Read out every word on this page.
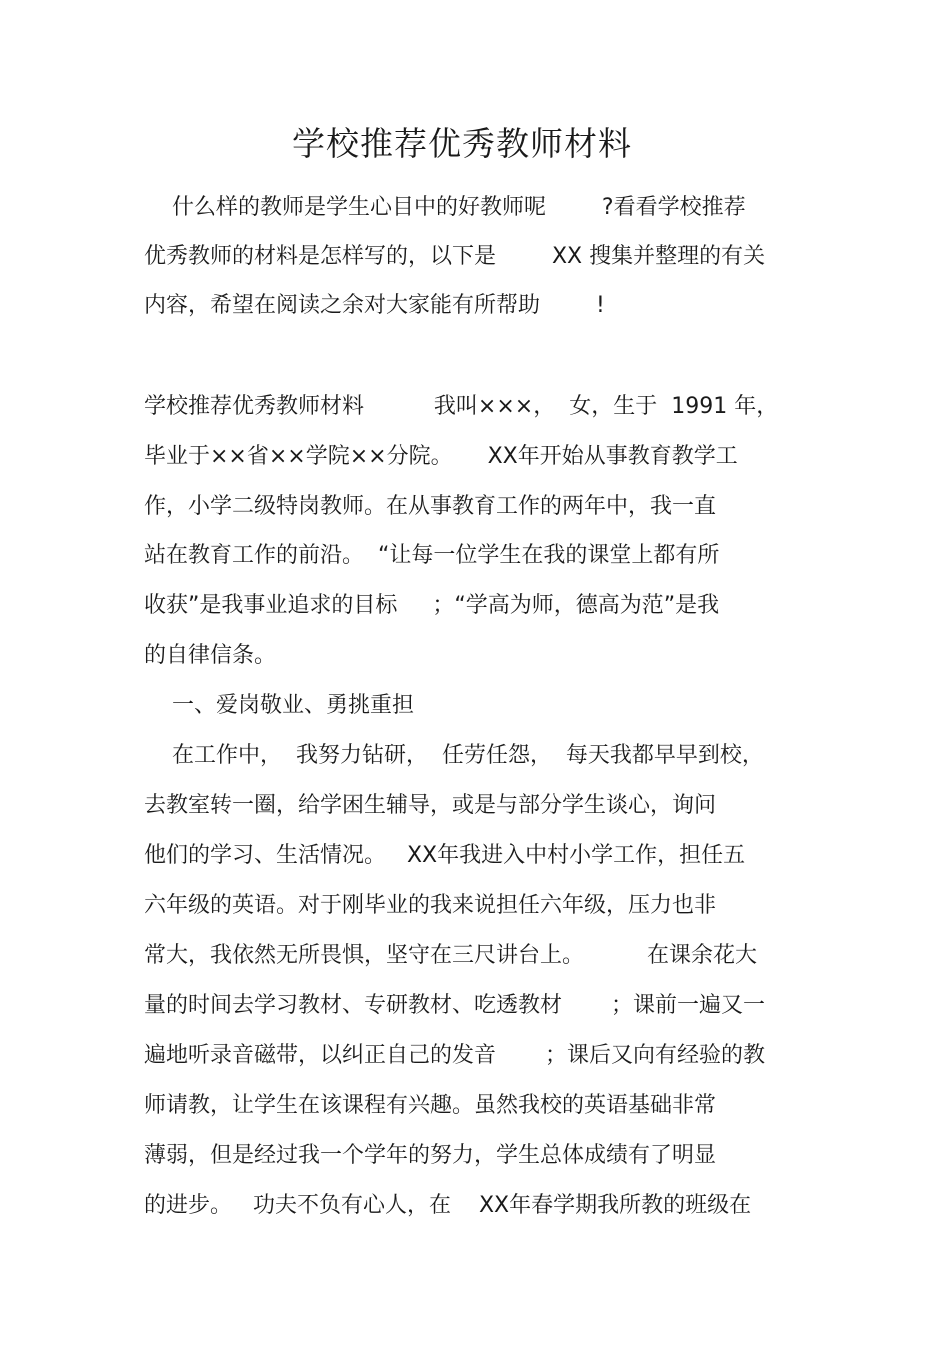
学校推荐优秀教师材料

什么样的教师是学生心目中的好教师呢        ?看看学校推荐

优秀教师的材料是怎样写的，以下是        XX 搜集并整理的有关

内容，希望在阅读之余对大家能有所帮助        !

学校推荐优秀教师材料          我叫×××，  女，生于  1991 年，

毕业于××省××学院××分院。     XX年开始从事教育教学工

作，小学二级特岗教师。在从事教育工作的两年中，我一直

站在教育工作的前沿。  “让每一位学生在我的课堂上都有所

收获”是我事业追求的目标     ；“学高为师，德高为范”是我

的自律信条。

一、爱岗敬业、勇挑重担

在工作中，  我努力钻研，  任劳任怨，  每天我都早早到校，

去教室转一圈，给学困生辅导，或是与部分学生谈心，询问

他们的学习、生活情况。   XX年我进入中村小学工作，担任五

六年级的英语。对于刚毕业的我来说担任六年级，压力也非

常大，我依然无所畏惧，坚守在三尺讲台上。         在课余花大

量的时间去学习教材、专研教材、吃透教材       ；课前一遍又一

遍地听录音磁带，以纠正自己的发音       ；课后又向有经验的教

师请教，让学生在该课程有兴趣。虽然我校的英语基础非常

薄弱，但是经过我一个学年的努力，学生总体成绩有了明显

的进步。   功夫不负有心人，在    XX年春学期我所教的班级在
